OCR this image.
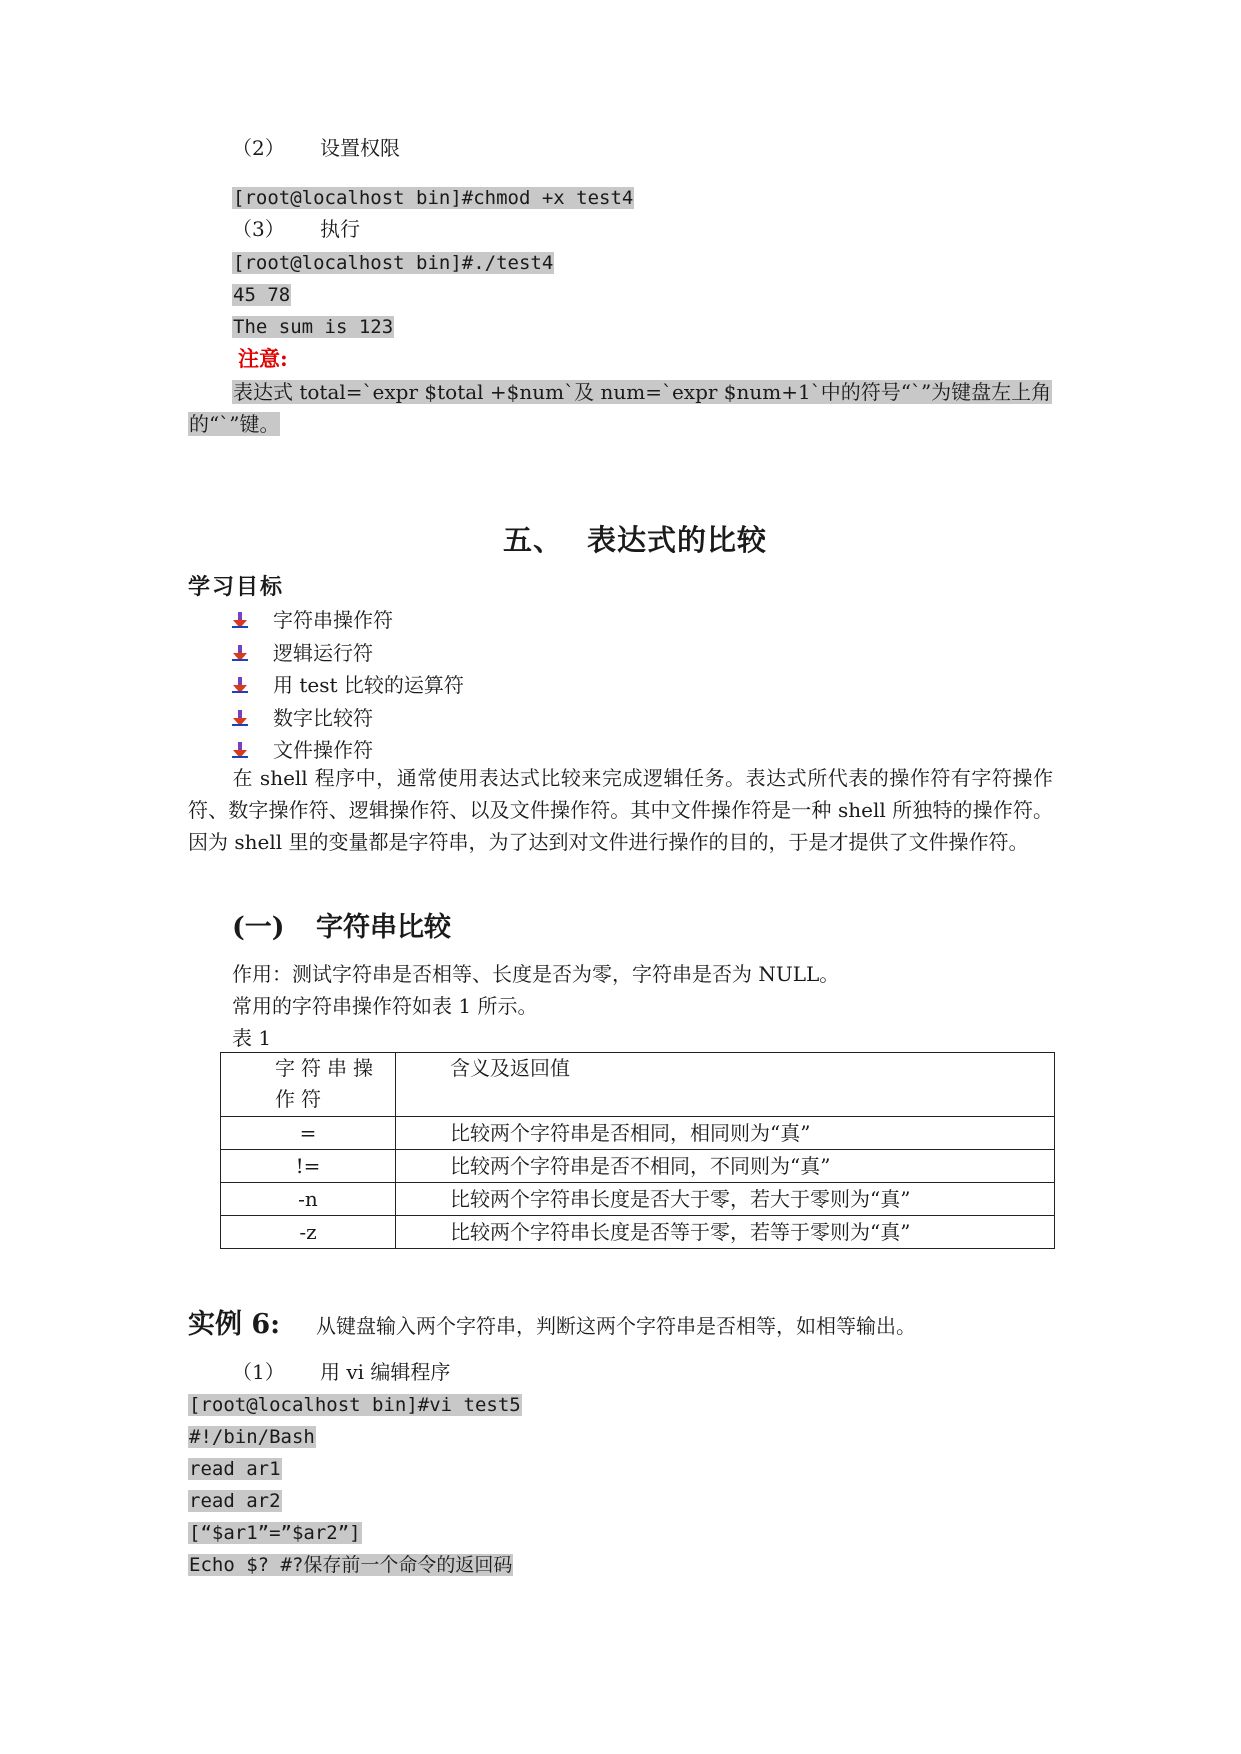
（2） 设置权限
[root@localhost bin]#chmod +x test4
（3） 执行
[root@localhost bin]#./test4
45 78
The sum is 123
注意:
表达式 total=`expr $total +$num`及 num=`expr $num+1`中的符号“`”为键盘左上角
的“`”键。
五、 表达式的比较
学习目标
字符串操作符
逻辑运行符
用 test 比较的运算符
数字比较符
文件操作符
在 shell 程序中，通常使用表达式比较来完成逻辑任务。表达式所代表的操作符有字符操作符、数字操作符、逻辑操作符、以及文件操作符。其中文件操作符是一种 shell 所独特的操作符。因为 shell 里的变量都是字符串，为了达到对文件进行操作的目的，于是才提供了文件操作符。
(一) 字符串比较
作用：测试字符串是否相等、长度是否为零，字符串是否为 NULL。
常用的字符串操作符如表 1 所示。
表 1
字符串操作符	含义及返回值
=	比较两个字符串是否相同，相同则为“真”
!=	比较两个字符串是否不相同，不同则为“真”
-n	比较两个字符串长度是否大于零，若大于零则为“真”
-z	比较两个字符串长度是否等于零，若等于零则为“真”
实例 6: 从键盘输入两个字符串，判断这两个字符串是否相等，如相等输出。
（1） 用 vi 编辑程序
[root@localhost bin]#vi test5
#!/bin/Bash
read ar1
read ar2
[“$ar1”=”$ar2”]
Echo $? #?保存前一个命令的返回码
